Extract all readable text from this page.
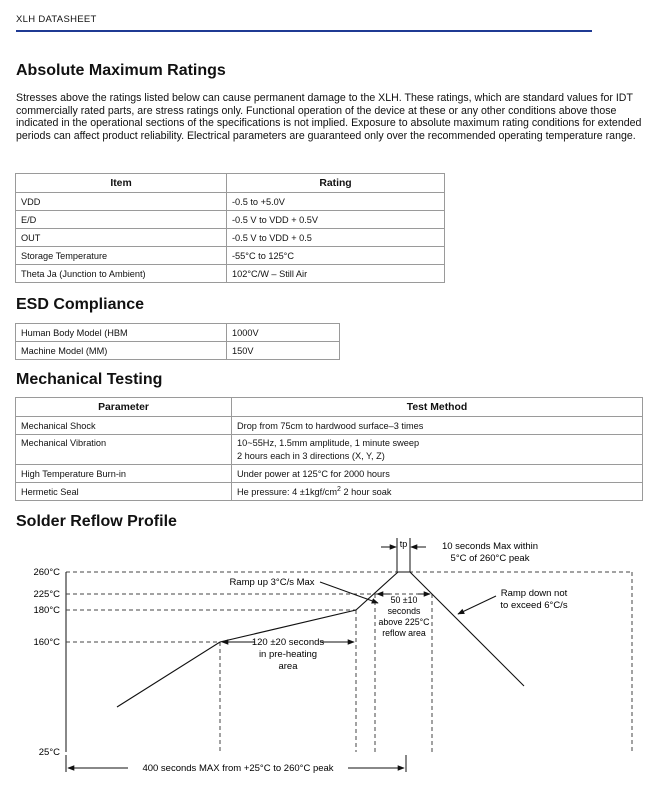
XLH DATASHEET
Absolute Maximum Ratings

Stresses above the ratings listed below can cause permanent damage to the XLH. These ratings, which are standard values for IDT commercially rated parts, are stress ratings only. Functional operation of the device at these or any other conditions above those indicated in the operational sections of the specifications is not implied. Exposure to absolute maximum rating conditions for extended periods can affect product reliability. Electrical parameters are guaranteed only over the recommended operating temperature range.

Item	Rating
VDD	-0.5 to +5.0V
E/D	-0.5 V to VDD + 0.5V
OUT	-0.5 V to VDD + 0.5
Storage Temperature	-55°C to 125°C
Theta Ja (Junction to Ambient)	102°C/W – Still Air
ESD Compliance
Human Body Model (HBM	1000V
Machine Model (MM)	150V
Mechanical Testing
Parameter	Test Method
Mechanical Shock	Drop from 75cm to hardwood surface–3 times
Mechanical Vibration	10~55Hz, 1.5mm amplitude, 1 minute sweep
2 hours each in 3 directions (X, Y, Z)

High Temperature Burn-in	Under power at 125°C for 2000 hours
Hermetic Seal	He pressure: $4 \pm 1kgf/cm^2$ 2 hour soak
Solder Reflow Profile
260°C
225°C
180°C
160°C
25°C
tp	10 seconds Max within
5°C of 260°C peak
Ramp up 3°C/s Max
Ramp down not
to exceed 6°C/s
120 ±20 seconds
in pre-heating
area
50 ±10
seconds
above 225°C
reflow area
400 seconds MAX from +25°C to 260°C peak
